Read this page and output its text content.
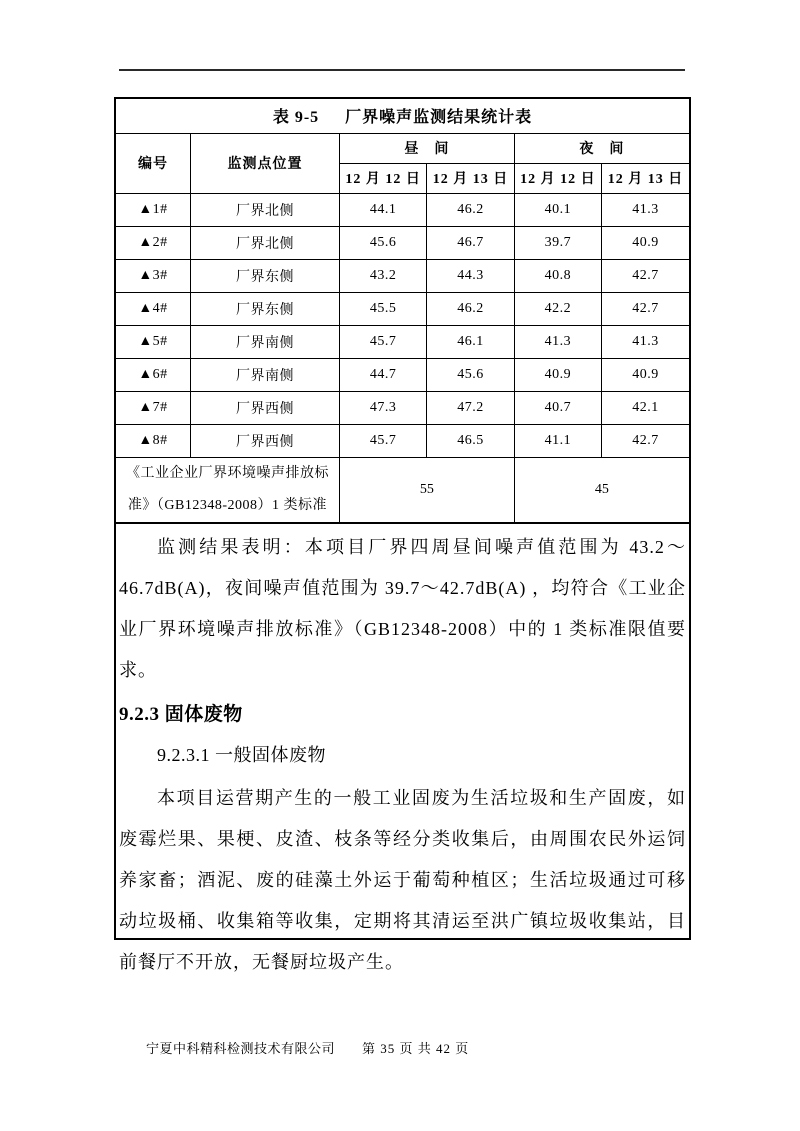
表 9-5 厂界噪声监测结果统计表					
编号	监测点位置	昼　间		夜　间	
		12 月 12 日	12 月 13 日	12 月 12 日	12 月 13 日
▲1#	厂界北侧	44.1	46.2	40.1	41.3
▲2#	厂界北侧	45.6	46.7	39.7	40.9
▲3#	厂界东侧	43.2	44.3	40.8	42.7
▲4#	厂界东侧	45.5	46.2	42.2	42.7
▲5#	厂界南侧	45.7	46.1	41.3	41.3
▲6#	厂界南侧	44.7	45.6	40.9	40.9
▲7#	厂界西侧	47.3	47.2	40.7	42.1
▲8#	厂界西侧	45.7	46.5	41.1	42.7
《工业企业厂界环境噪声排放标准》（GB12348-2008）1 类标准		55		45	

监测结果表明：本项目厂界四周昼间噪声值范围为 43.2～46.7dB(A)，夜间噪声值范围为 39.7～42.7dB(A) ，均符合《工业企业厂界环境噪声排放标准》（GB12348-2008）中的 1 类标准限值要求。

9.2.3 固体废物
9.2.3.1 一般固体废物

本项目运营期产生的一般工业固废为生活垃圾和生产固废，如废霉烂果、果梗、皮渣、枝条等经分类收集后，由周围农民外运饲养家畜；酒泥、废的硅藻土外运于葡萄种植区；生活垃圾通过可移动垃圾桶、收集箱等收集，定期将其清运至洪广镇垃圾收集站，目前餐厅不开放，无餐厨垃圾产生。

宁夏中科精科检测技术有限公司 第 35 页 共 42 页
